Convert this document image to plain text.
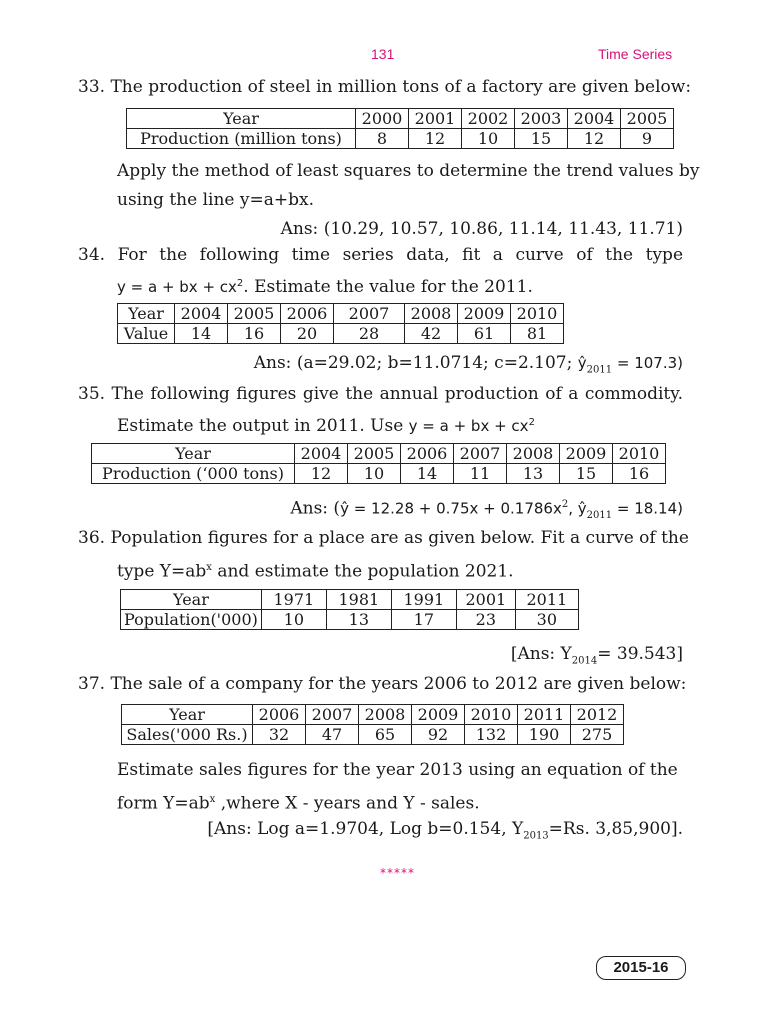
131	Time Series
33. The production of steel in million tons of a factory are given below:
Year	2000	2001	2002	2003	2004	2005
Production (million tons)	8	12	10	15	12	9
Apply the method of least squares to determine the trend values by
using the line y=a+bx.
Ans: (10.29, 10.57, 10.86, 11.14, 11.43, 11.71)
34. For the following time series data, fit a curve of the type
y = a + bx + $cx^2$. Estimate the value for the 2011.
Year	2004	2005	2006	2007	2008	2009	2010
Value	14	16	20	28	42	61	81
Ans: (a=29.02; b=11.0714; c=2.107; $ŷ_{2011} = 107.3$)
35. The following figures give the annual production of a commodity.
Estimate the output in 2011. Use y = a + bx + $cx^2$
Year	2004	2005	2006	2007	2008	2009	2010
Production (‘000 tons)	12	10	14	11	13	15	16
Ans: (ŷ = $12.28 + 0.75x + 0.1786x^2$, $ŷ_{2011} = 18.14$)
36. Population figures for a place are as given below. Fit a curve of the
type $Y=ab^x$ and estimate the population 2021.
Year	1971	1981	1991	2001	2011
Population('000)	10	13	17	23	30
[Ans: $Y_{2014}= 39.543$]
37. The sale of a company for the years 2006 to 2012 are given below:
Year	2006	2007	2008	2009	2010	2011	2012
Sales('000 Rs.)	32	47	65	92	132	190	275
Estimate sales figures for the year 2013 using an equation of the
form $Y=ab^x$ ,where X - years and Y - sales.
[Ans: Log a=1.9704, Log b=0.154, $Y_{2013}=Rs$. 3,85,900].
*****
2015-16
